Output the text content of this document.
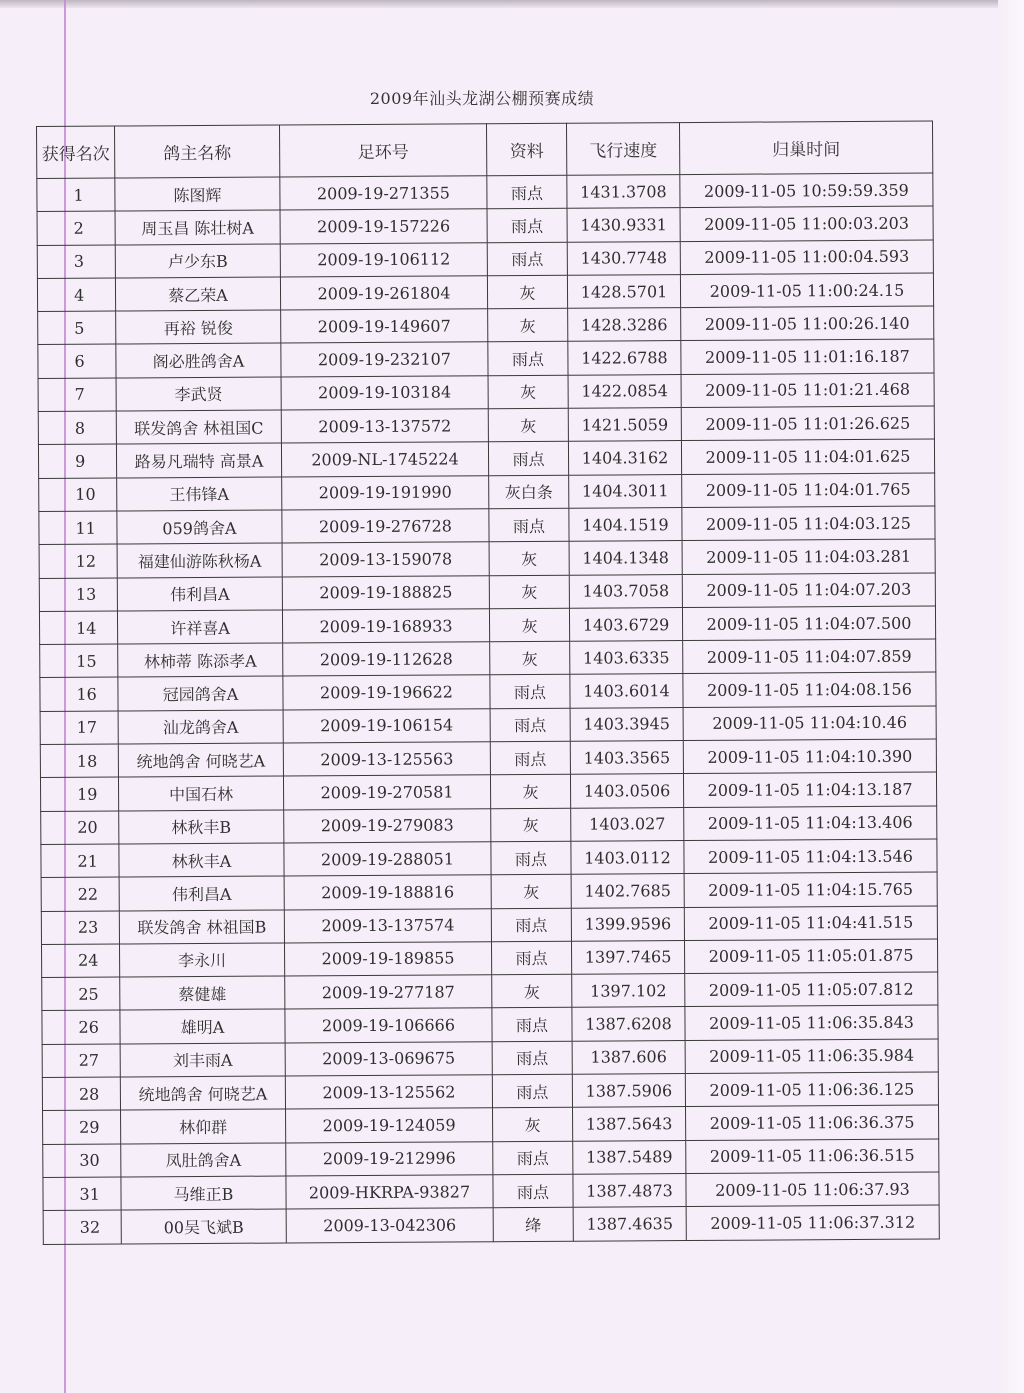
2009年汕头龙湖公棚预赛成绩
获得名次	鸽主名称	足环号	资料	飞行速度	归巢时间
1	陈图辉	2009-19-271355	雨点	1431.3708	2009-11-05 10:59:59.359
2	周玉昌 陈壮树A	2009-19-157226	雨点	1430.9331	2009-11-05 11:00:03.203
3	卢少东B	2009-19-106112	雨点	1430.7748	2009-11-05 11:00:04.593
4	蔡乙荣A	2009-19-261804	灰	1428.5701	2009-11-05 11:00:24.15
5	再裕 锐俊	2009-19-149607	灰	1428.3286	2009-11-05 11:00:26.140
6	阁必胜鸽舍A	2009-19-232107	雨点	1422.6788	2009-11-05 11:01:16.187
7	李武贤	2009-19-103184	灰	1422.0854	2009-11-05 11:01:21.468
8	联发鸽舍 林祖国C	2009-13-137572	灰	1421.5059	2009-11-05 11:01:26.625
9	路易凡瑞特 高景A	2009-NL-1745224	雨点	1404.3162	2009-11-05 11:04:01.625
10	王伟锋A	2009-19-191990	灰白条	1404.3011	2009-11-05 11:04:01.765
11	059鸽舍A	2009-19-276728	雨点	1404.1519	2009-11-05 11:04:03.125
12	福建仙游陈秋杨A	2009-13-159078	灰	1404.1348	2009-11-05 11:04:03.281
13	伟利昌A	2009-19-188825	灰	1403.7058	2009-11-05 11:04:07.203
14	许祥喜A	2009-19-168933	灰	1403.6729	2009-11-05 11:04:07.500
15	林柿蒂 陈添孝A	2009-19-112628	灰	1403.6335	2009-11-05 11:04:07.859
16	冠园鸽舍A	2009-19-196622	雨点	1403.6014	2009-11-05 11:04:08.156
17	汕龙鸽舍A	2009-19-106154	雨点	1403.3945	2009-11-05 11:04:10.46
18	统地鸽舍 何晓艺A	2009-13-125563	雨点	1403.3565	2009-11-05 11:04:10.390
19	中国石林	2009-19-270581	灰	1403.0506	2009-11-05 11:04:13.187
20	林秋丰B	2009-19-279083	灰	1403.027	2009-11-05 11:04:13.406
21	林秋丰A	2009-19-288051	雨点	1403.0112	2009-11-05 11:04:13.546
22	伟利昌A	2009-19-188816	灰	1402.7685	2009-11-05 11:04:15.765
23	联发鸽舍 林祖国B	2009-13-137574	雨点	1399.9596	2009-11-05 11:04:41.515
24	李永川	2009-19-189855	雨点	1397.7465	2009-11-05 11:05:01.875
25	蔡健雄	2009-19-277187	灰	1397.102	2009-11-05 11:05:07.812
26	雄明A	2009-19-106666	雨点	1387.6208	2009-11-05 11:06:35.843
27	刘丰雨A	2009-13-069675	雨点	1387.606	2009-11-05 11:06:35.984
28	统地鸽舍 何晓艺A	2009-13-125562	雨点	1387.5906	2009-11-05 11:06:36.125
29	林仰群	2009-19-124059	灰	1387.5643	2009-11-05 11:06:36.375
30	凤肚鸽舍A	2009-19-212996	雨点	1387.5489	2009-11-05 11:06:36.515
31	马维正B	2009-HKRPA-93827	雨点	1387.4873	2009-11-05 11:06:37.93
32	00吴飞斌B	2009-13-042306	绛	1387.4635	2009-11-05 11:06:37.312
